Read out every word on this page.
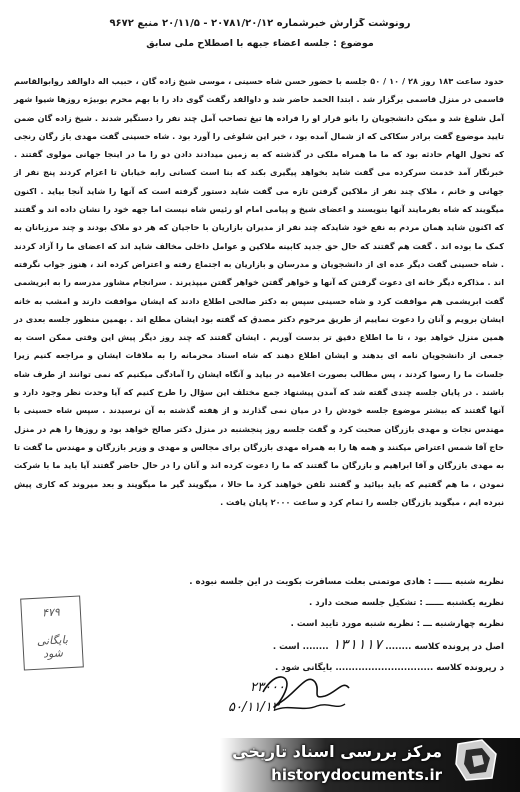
رونوشت گزارش خبرشماره ۲۰۷۸۱/۲۰/۱۲ - ۲۰/۱۱/۵ منبع ۹۶۷۲
موضوع : جلسه اعضاء جبهه با اصطلاح ملی سابق

حدود ساعت ۱۸۳ روز ۲۸ / ۱۰ / ۵۰ جلسه با حضور حسن شاه حسینی ، موسی شیخ زاده گان ، حبیب اله داوالفد روابوالقاسم قاسمی در منزل قاسمی برگزار شد . ابتدا الحمد حاضر شد و داوالفد رگفت گوی داد را با بهم محرم بوبیژه روزها شیوا شهر آمل شلوغ شد و میکن دانشجویان را بانو قرار او را فراده ها تیغ تصاحب آمل چند نفر را دستگیر شدند . شیخ زاده گان ضمن تایید موضوع گفت برادر سکاکی که از شمال آمده بود ، خبر این شلوغی را آورد بود . شاه حسینی گفت مهدی باز رگان رنجی که تحول الهام حادثه بود که ما ما همراه ملکی در گذشته که به زمین میدادند دادن دو را ما در اینجا جهانی مولوی گفتند . خبرنگار آمد خدمت سرکرده می گفت شاید بخواهد پیگیری بکند که بنا است کسانی رابه خیابان تا اعزام کردند پنج نفر از جهانی و خانم ، ملاک چند نفر از ملاکین گرفتن تازه می گفت شاید دستور گرفته است که آنها را شاید آنجا بیاید . اکنون میگویند که شاه بفرمایند آنها بنویسند و اعضای شیخ و پیامی امام او رئیس شاه نیست اما جهه خود را نشان داده اند و گفتند که اکنون شاید همان مردم به نفع خود شایدکه چند نفر از مدیران بازاریان با حاجیان که هر دو ملاک بودند و چند مرزبانان به کمک ما بوده اند . گفت هم گفتند که حال حق جدید کابینه ملاکین و عوامل داخلی مخالف شاید اند که اعضای ما را آزاد کردند . شاه حسینی گفت دیگر عده ای از دانشجویان و مدرسان و بازاریان به اجتماع رفته و اعتراض کرده اند ، هنوز جواب نگرفته اند . مذاکره دیگر خانه ای دعوت گرفتن که آنها و خواهر گفتن خواهر گفتن میپذیرند . سرانجام مشاور مدرسه را به ابریشمی گفت ابریشمی هم موافقت کرد و شاه حسینی سپس به دکتر صالحی اطلاع دادند که ایشان موافقت دارند و امشب به خانه ایشان برویم و آنان را دعوت نماییم از طریق مرحوم دکتر مصدق که گفته بود ایشان مطلع اند . بهمین منظور جلسه بعدی در همین منزل خواهد بود ، تا ما اطلاع دقیق تر بدست آوریم . ایشان گفتند که چند روز دیگر پیش این وقتی ممکن است به جمعی از دانشجویان نامه ای بدهند و ایشان اطلاع دهند که شاه اسناد محرمانه را به ملاقات ایشان و مراجعه کنیم زیرا جلسات ما را رسوا کردند ، پس مطالب بصورت اعلامیه در بیاید و آنگاه ایشان را آمادگی میکنیم که نمی توانند از طرف شاه باشند . در پایان جلسه چندی گفته شد که آمدن پیشنهاد جمع مختلف این سؤال را طرح کنیم که آیا وحدت نظر وجود دارد و آنها گفتند که بیشتر موضوع جلسه خودش را در میان نمی گذارند و از هفته گذشته به آن نرسیدند . سپس شاه حسینی با مهندس نجات و مهدی بازرگان صحبت کرد و گفت جلسه روز پنجشنبه در منزل دکتر صالح خواهد بود و روزها را هم در منزل حاج آقا شمس اعتراض میکنند و همه ها را به همراه مهدی بازرگان برای مجالس و مهدی و وزیر بازرگان و مهندس ما گفت تا به مهدی بازرگان و آقا ابراهیم و بازرگان ما گفتند که ما را دعوت کرده اند و آنان را در حال حاضر گفتند آیا باید ما با شرکت نمودن ، ما هم گفتیم که باید بیائید و گفتند تلفن خواهند کرد ما حالا ، میگویند گیر ما میگویند و بعد میروند که کاری پیش نبرده ایم ، میگوید بازرگان جلسه را تمام کرد و ساعت ۲۰۰۰ پایان یافت .

نظریه شنبه ــــــ : هادی موتمنی بعلت مسافرت بکویت در این جلسه نبوده .
نظریه یکشنبه ــــــ : تشکیل جلسه صحت دارد .
نظریه چهارشنبه ـــ : نظریه شنبه مورد تایید است .
اصل در پرونده کلاسه ........ ۱۳۱۱۱۷ ........ است .
د رپرونده کلاسه .............................. بایگانی شود .
۲۳۰۰۰
۴۷۹
بایگانی شود
۵۰/۱۱/۱۳
مرکز بررسی اسناد تاریخی
historydocuments.ir
